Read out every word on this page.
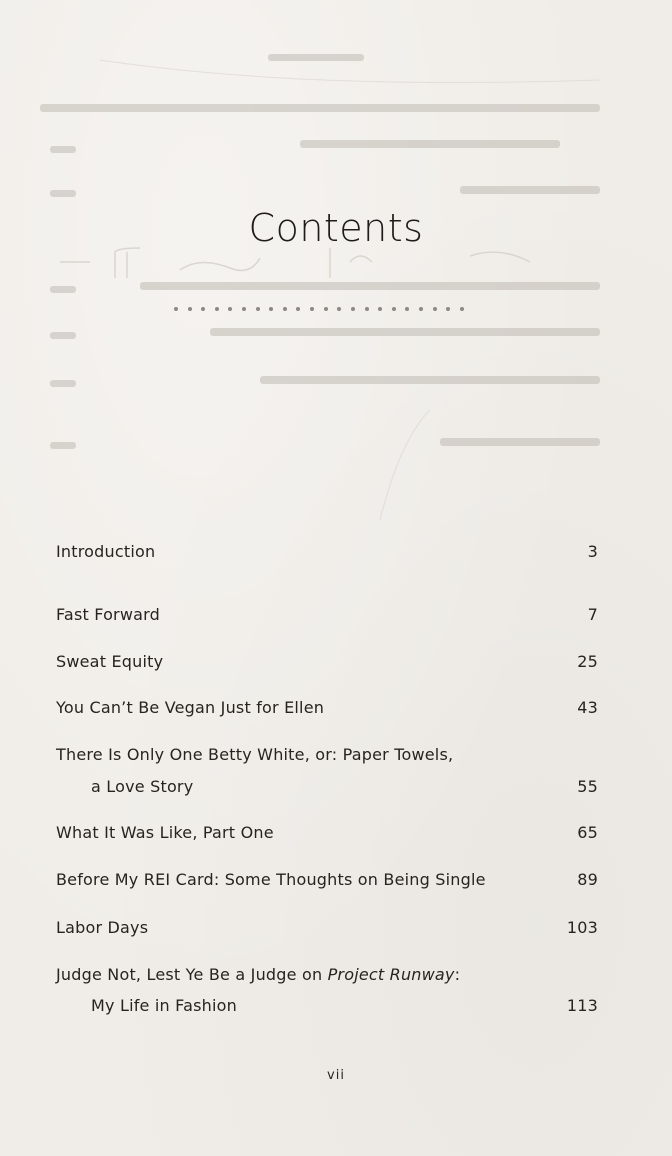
Contents
Introduction	3
Fast Forward	7
Sweat Equity	25
You Can’t Be Vegan Just for Ellen	43
There Is Only One Betty White, or: Paper Towels,
a Love Story	55
What It Was Like, Part One	65
Before My REI Card: Some Thoughts on Being Single	89
Labor Days	103
Judge Not, Lest Ye Be a Judge on Project Runway:
My Life in Fashion	113
vii
